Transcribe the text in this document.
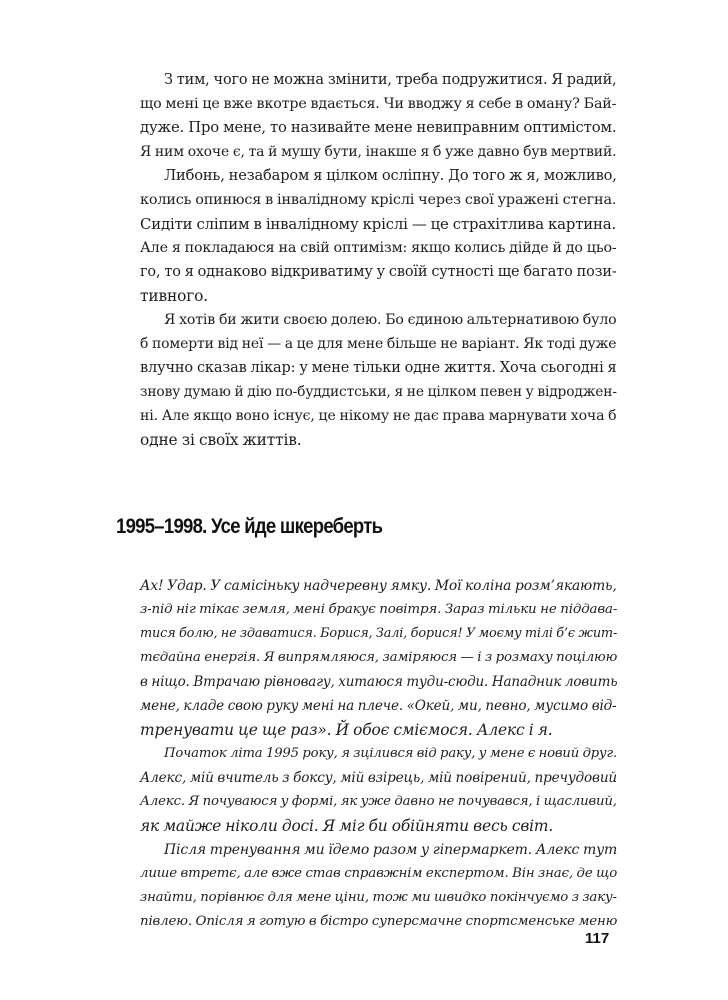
З тим, чого не можна змінити, треба подружитися. Я радий,
що мені це вже вкотре вдається. Чи вводжу я себе в оману? Бай-
дуже. Про мене, то називайте мене невиправним оптимістом.
Я ним охоче є, та й мушу бути, інакше я б уже давно був мертвий.

Либонь, незабаром я цілком осліпну. До того ж я, можливо,
колись опинюся в інвалідному кріслі через свої уражені стегна.
Сидіти сліпим в інвалідному кріслі — це страхітлива картина.
Але я покладаюся на свій оптимізм: якщо колись дійде й до цьо-
го, то я однаково відкриватиму у своїй сутності ще багато пози-
тивного.

Я хотів би жити своєю долею. Бо єдиною альтернативою було
б померти від неї — а це для мене більше не варіант. Як тоді дуже
влучно сказав лікар: у мене тільки одне життя. Хоча сьогодні я
знову думаю й дію по-буддистськи, я не цілком певен у відроджен-
ні. Але якщо воно існує, це нікому не дає права марнувати хоча б
одне зі своїх життів.

1995–1998. Усе йде шкереберть

Ах! Удар. У самісіньку надчеревну ямку. Мої коліна розм’якають,
з-під ніг тікає земля, мені бракує повітря. Зараз тільки не піддава-
тися болю, не здаватися. Борися, Залі, борися! У моєму тілі б’є жит-
тєдайна енергія. Я випрямляюся, заміряюся — і з розмаху поцілюю
в ніщо. Втрачаю рівновагу, хитаюся туди-сюди. Нападник ловить
мене, кладе свою руку мені на плече. «Окей, ми, певно, мусимо від-
тренувати це ще раз». Й обоє сміємося. Алекс і я.

Початок літа 1995 року, я зцілився від раку, у мене є новий друг.
Алекс, мій вчитель з боксу, мій взірець, мій повірений, пречудовий
Алекс. Я почуваюся у формі, як уже давно не почувався, і щасливий,
як майже ніколи досі. Я міг би обійняти весь світ.

Після тренування ми їдемо разом у гіпермаркет. Алекс тут
лише втретє, але вже став справжнім експертом. Він знає, де що
знайти, порівнює для мене ціни, тож ми швидко покінчуємо з заку-
півлею. Опісля я готую в бістро суперсмачне спортсменське меню

117
